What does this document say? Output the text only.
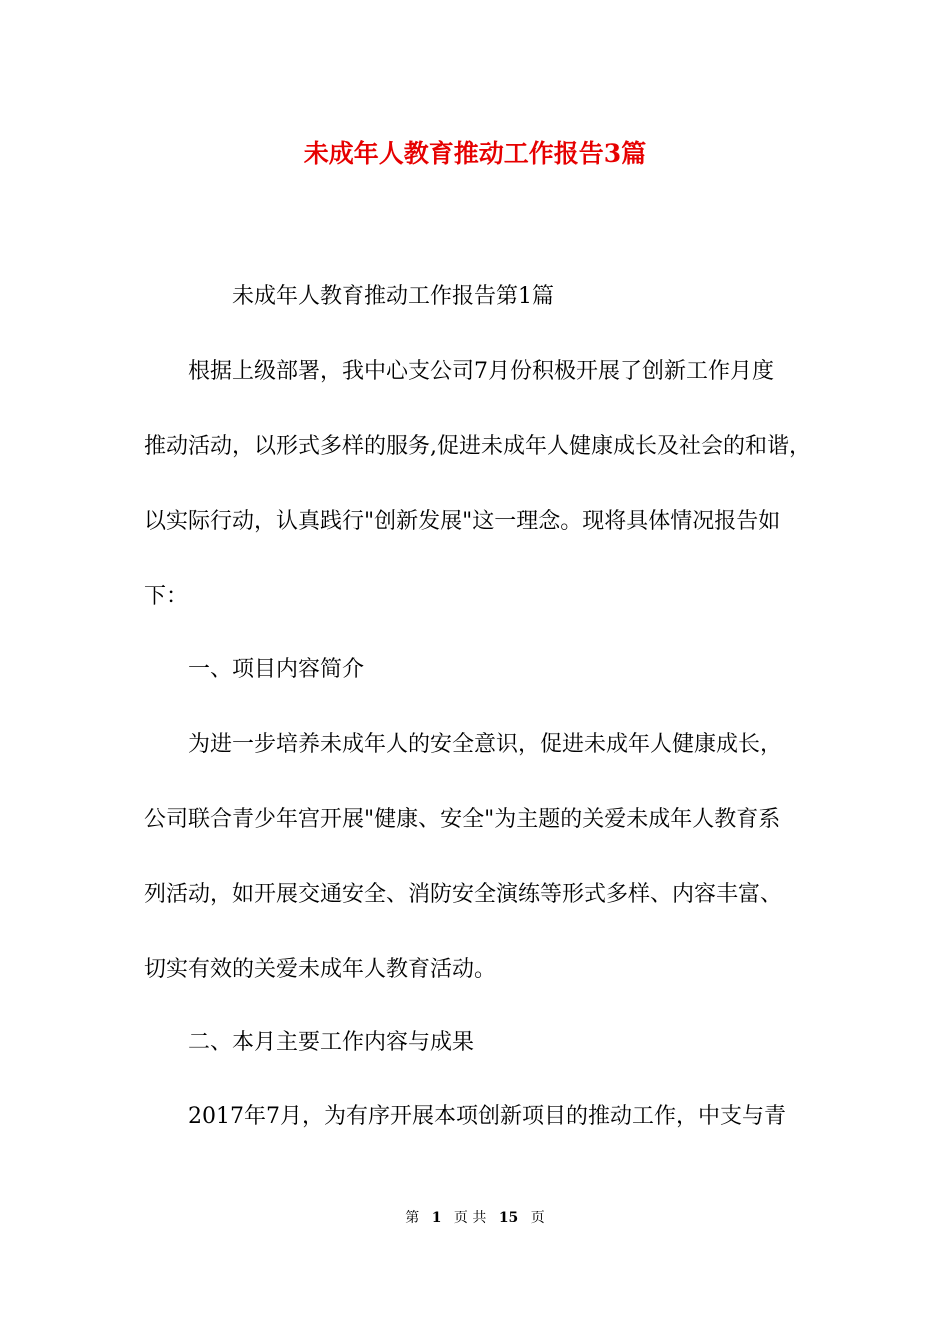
未成年人教育推动工作报告3篇
未成年人教育推动工作报告第1篇
根据上级部署，我中心支公司7月份积极开展了创新工作月度
推动活动，以形式多样的服务,促进未成年人健康成长及社会的和谐，
以实际行动，认真践行"创新发展"这一理念。现将具体情况报告如
下：
一、项目内容简介
为进一步培养未成年人的安全意识，促进未成年人健康成长，
公司联合青少年宫开展"健康、安全"为主题的关爱未成年人教育系
列活动，如开展交通安全、消防安全演练等形式多样、内容丰富、
切实有效的关爱未成年人教育活动。
二、本月主要工作内容与成果
2017年7月，为有序开展本项创新项目的推动工作，中支与青
第 1 页 共 15 页
